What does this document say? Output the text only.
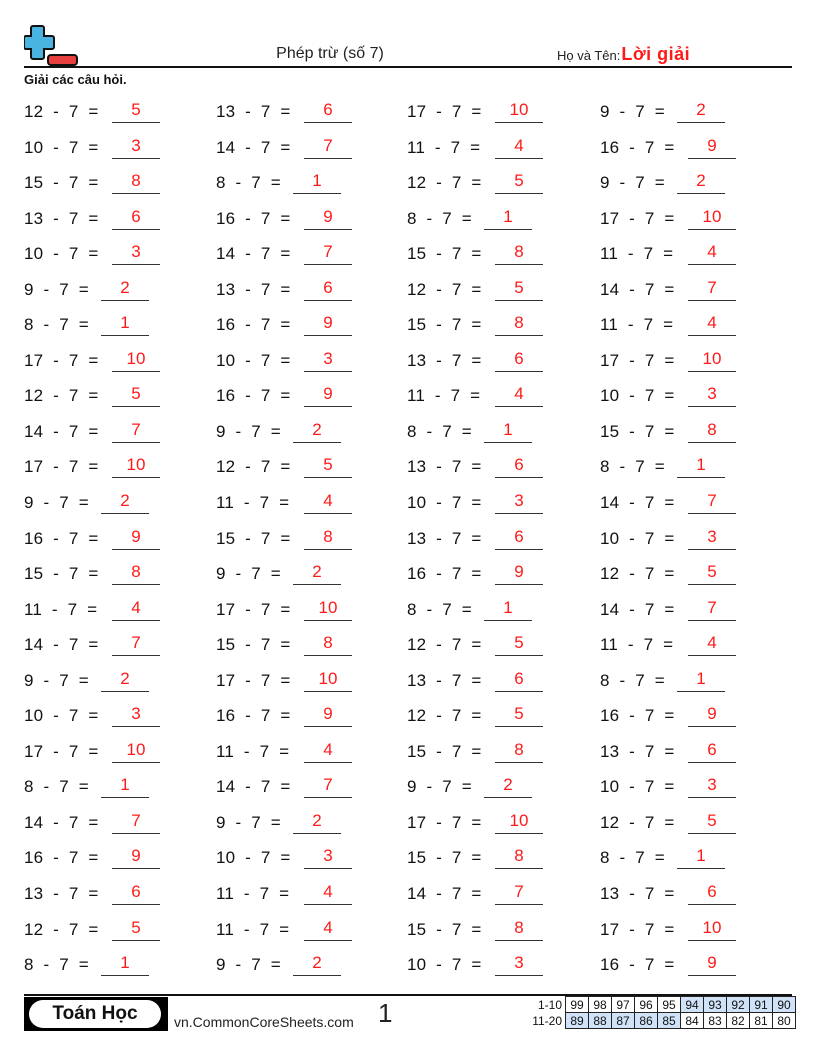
Phép trừ (số 7)	Họ và Tên:Lời giải
Giải các câu hỏi.
12  -  7  =	5	13  -  7  =	6	17  -  7  =	10	9  -  7  =	2
10  -  7  =	3	14  -  7  =	7	11  -  7  =	4	16  -  7  =	9
15  -  7  =	8	8  -  7  =	1	12  -  7  =	5	9  -  7  =	2
13  -  7  =	6	16  -  7  =	9	8  -  7  =	1	17  -  7  =	10
10  -  7  =	3	14  -  7  =	7	15  -  7  =	8	11  -  7  =	4
9  -  7  =	2	13  -  7  =	6	12  -  7  =	5	14  -  7  =	7
8  -  7  =	1	16  -  7  =	9	15  -  7  =	8	11  -  7  =	4
17  -  7  =	10	10  -  7  =	3	13  -  7  =	6	17  -  7  =	10
12  -  7  =	5	16  -  7  =	9	11  -  7  =	4	10  -  7  =	3
14  -  7  =	7	9  -  7  =	2	8  -  7  =	1	15  -  7  =	8
17  -  7  =	10	12  -  7  =	5	13  -  7  =	6	8  -  7  =	1
9  -  7  =	2	11  -  7  =	4	10  -  7  =	3	14  -  7  =	7
16  -  7  =	9	15  -  7  =	8	13  -  7  =	6	10  -  7  =	3
15  -  7  =	8	9  -  7  =	2	16  -  7  =	9	12  -  7  =	5
11  -  7  =	4	17  -  7  =	10	8  -  7  =	1	14  -  7  =	7
14  -  7  =	7	15  -  7  =	8	12  -  7  =	5	11  -  7  =	4
9  -  7  =	2	17  -  7  =	10	13  -  7  =	6	8  -  7  =	1
10  -  7  =	3	16  -  7  =	9	12  -  7  =	5	16  -  7  =	9
17  -  7  =	10	11  -  7  =	4	15  -  7  =	8	13  -  7  =	6
8  -  7  =	1	14  -  7  =	7	9  -  7  =	2	10  -  7  =	3
14  -  7  =	7	9  -  7  =	2	17  -  7  =	10	12  -  7  =	5
16  -  7  =	9	10  -  7  =	3	15  -  7  =	8	8  -  7  =	1
13  -  7  =	6	11  -  7  =	4	14  -  7  =	7	13  -  7  =	6
12  -  7  =	5	11  -  7  =	4	15  -  7  =	8	17  -  7  =	10
8  -  7  =	1	9  -  7  =	2	10  -  7  =	3	16  -  7  =	9
Toán Học	vn.CommonCoreSheets.com 1	1-10	99	98	97	96	95	94	93	92	91	90
11-20	89	88	87	86	85	84	83	82	81	80
